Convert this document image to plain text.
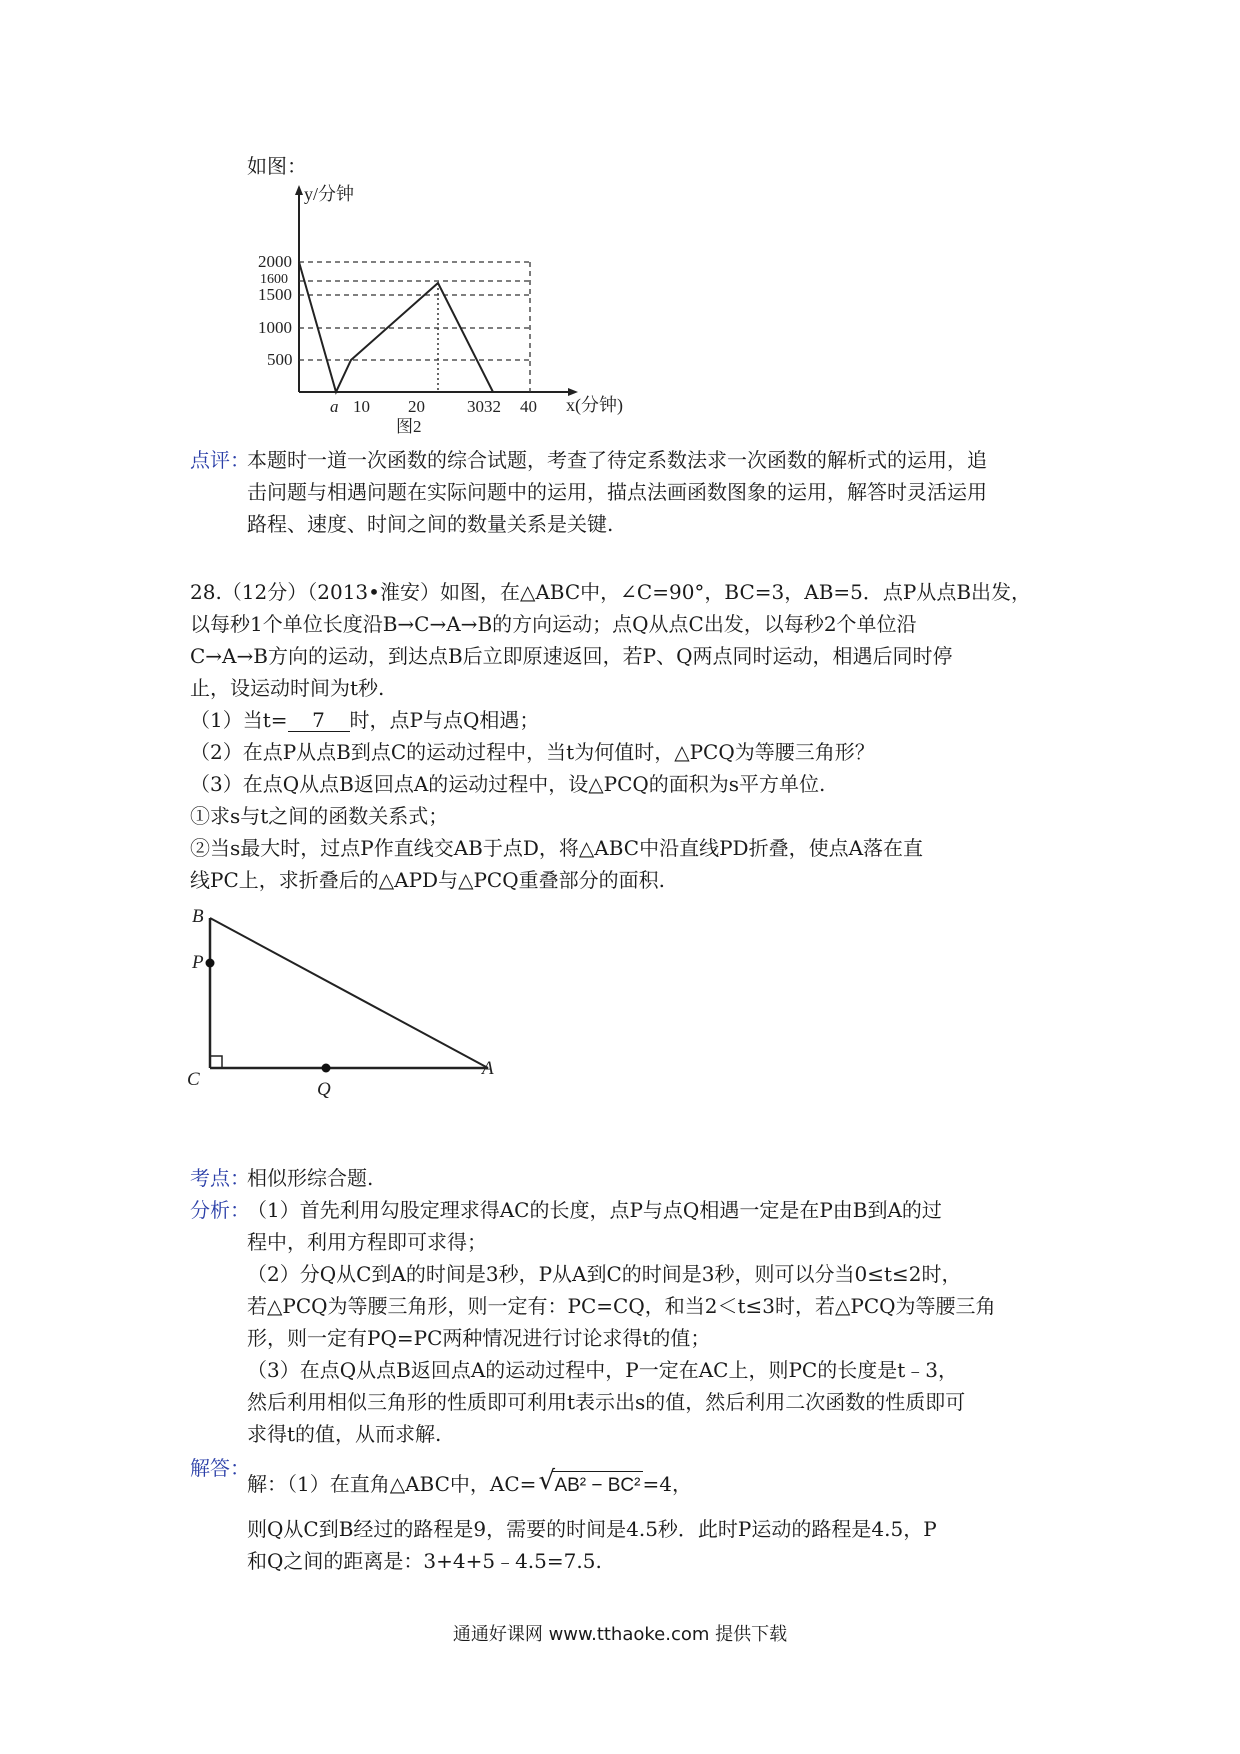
如图：
2000
1600
1500
1000
500
a 10 20 3032 40
y/分钟
x(分钟)
图2
点评：
本题时一道一次函数的综合试题，考查了待定系数法求一次函数的解析式的运用，追
击问题与相遇问题在实际问题中的运用，描点法画函数图象的运用，解答时灵活运用
路程、速度、时间之间的数量关系是关键.
28.（12分）（2013•淮安）如图，在△ABC中，∠C=90°，BC=3，AB=5．点P从点B出发，
以每秒1个单位长度沿B→C→A→B的方向运动；点Q从点C出发，以每秒2个单位沿
C→A→B方向的运动，到达点B后立即原速返回，若P、Q两点同时运动，相遇后同时停
止，设运动时间为t秒.
（1）当t= 7 时，点P与点Q相遇；
（2）在点P从点B到点C的运动过程中，当t为何值时，△PCQ为等腰三角形？
（3）在点Q从点B返回点A的运动过程中，设△PCQ的面积为s平方单位.
①求s与t之间的函数关系式；
②当s最大时，过点P作直线交AB于点D，将△ABC中沿直线PD折叠，使点A落在直
线PC上，求折叠后的△APD与△PCQ重叠部分的面积.
B
P
C	Q
A
考点：
相似形综合题.
分析：
（1）首先利用勾股定理求得AC的长度，点P与点Q相遇一定是在P由B到A的过
程中，利用方程即可求得；
（2）分Q从C到A的时间是3秒，P从A到C的时间是3秒，则可以分当0≤t≤2时，
若△PCQ为等腰三角形，则一定有：PC=CQ，和当2＜t≤3时，若△PCQ为等腰三角
形，则一定有PQ=PC两种情况进行讨论求得t的值；
（3）在点Q从点B返回点A的运动过程中，P一定在AC上，则PC的长度是t﹣3，
然后利用相似三角形的性质即可利用t表示出s的值，然后利用二次函数的性质即可
求得t的值，从而求解.
解答：
解：（1）在直角△ABC中，AC= √ AB² − BC² =4，
则Q从C到B经过的路程是9，需要的时间是4.5秒．此时P运动的路程是4.5，P
和Q之间的距离是：3+4+5﹣4.5=7.5.
通通好课网 www.tthaoke.com 提供下载
